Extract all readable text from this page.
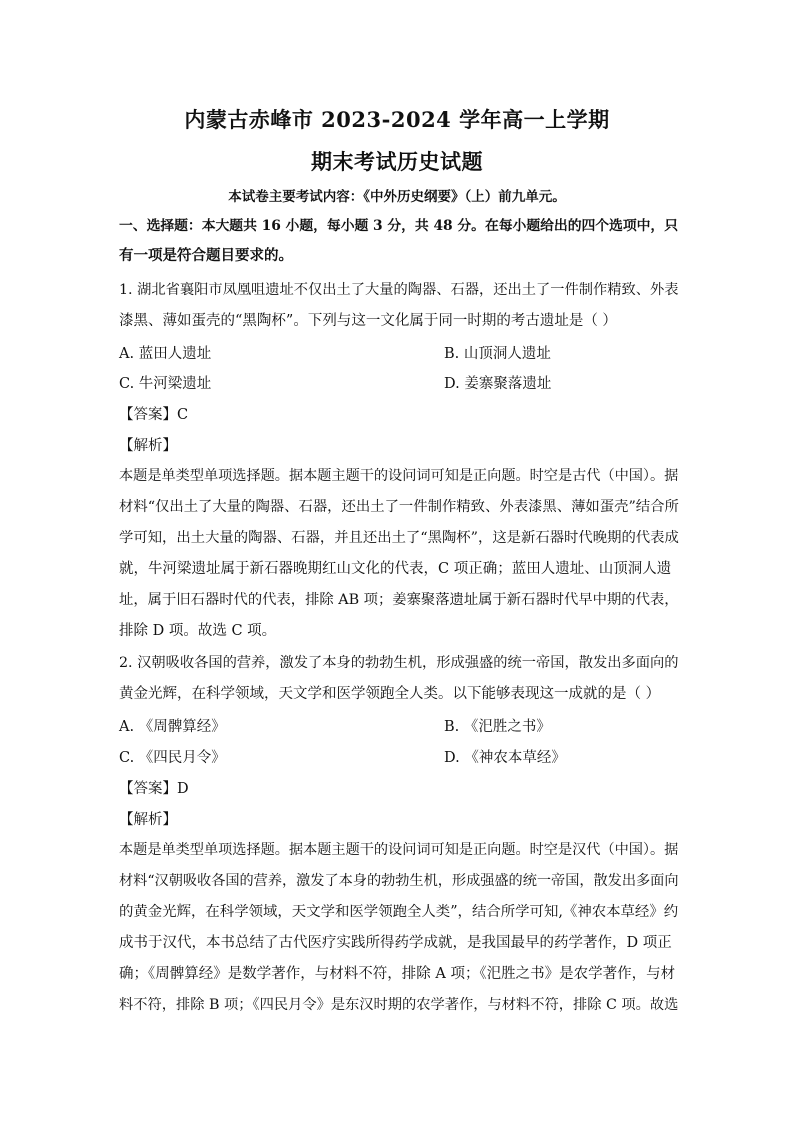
内蒙古赤峰市 2023-2024 学年高一上学期
期末考试历史试题
本试卷主要考试内容：《中外历史纲要》（上）前九单元。
一、选择题：本大题共 16 小题，每小题 3 分，共 48 分。在每小题给出的四个选项中，只
有一项是符合题目要求的。
1. 湖北省襄阳市凤凰咀遗址不仅出土了大量的陶器、石器，还出土了一件制作精致、外表
漆黑、薄如蛋壳的“黑陶杯”。下列与这一文化属于同一时期的考古遗址是（ ）
A. 蓝田人遗址	B. 山顶洞人遗址
C. 牛河梁遗址	D. 姜寨聚落遗址
【答案】C
【解析】
本题是单类型单项选择题。据本题主题干的设问词可知是正向题。时空是古代（中国）。据
材料“仅出土了大量的陶器、石器，还出土了一件制作精致、外表漆黑、薄如蛋壳”结合所
学可知，出土大量的陶器、石器，并且还出土了“黑陶杯”，这是新石器时代晚期的代表成
就，牛河梁遗址属于新石器晚期红山文化的代表，C 项正确；蓝田人遗址、山顶洞人遗
址，属于旧石器时代的代表，排除 AB 项；姜寨聚落遗址属于新石器时代早中期的代表，
排除 D 项。故选 C 项。
2. 汉朝吸收各国的营养，激发了本身的勃勃生机，形成强盛的统一帝国，散发出多面向的
黄金光辉，在科学领域，天文学和医学领跑全人类。以下能够表现这一成就的是（ ）
A. 《周髀算经》	B. 《汜胜之书》
C. 《四民月令》	D. 《神农本草经》
【答案】D
【解析】
本题是单类型单项选择题。据本题主题干的设问词可知是正向题。时空是汉代（中国）。据
材料“汉朝吸收各国的营养，激发了本身的勃勃生机，形成强盛的统一帝国，散发出多面向
的黄金光辉，在科学领域，天文学和医学领跑全人类”，结合所学可知,《神农本草经》约
成书于汉代，本书总结了古代医疗实践所得药学成就，是我国最早的药学著作，D 项正
确；《周髀算经》是数学著作，与材料不符，排除 A 项；《汜胜之书》是农学著作，与材
料不符，排除 B 项；《四民月令》是东汉时期的农学著作，与材料不符，排除 C 项。故选
